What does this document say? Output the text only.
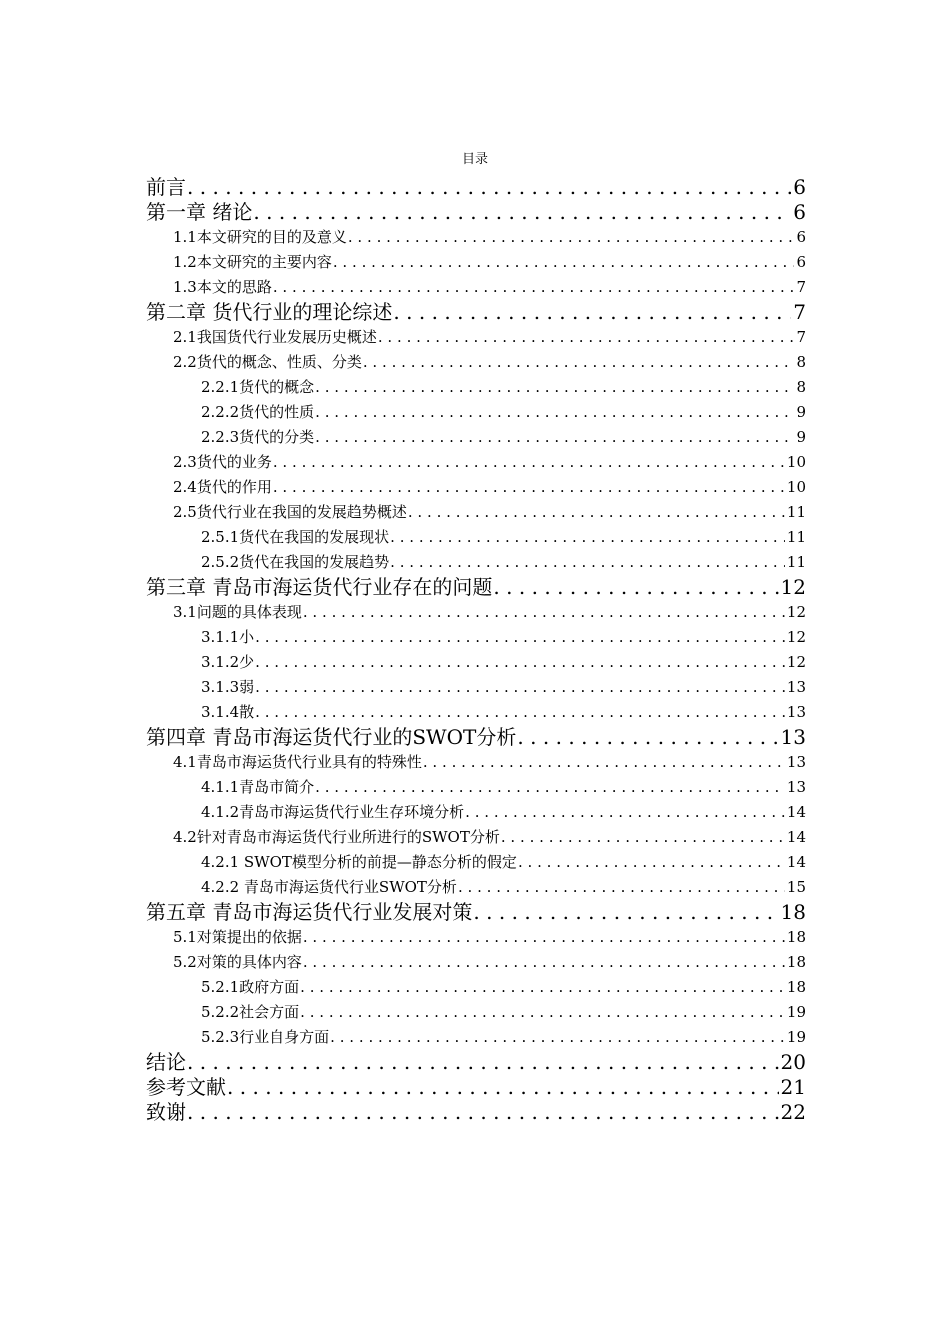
目录
前言 .....	6
第一章 绪论 .....	6
1.1本文研究的目的及意义 .....	6
1.2本文研究的主要内容 .....	6
1.3本文的思路 .....	7
第二章 货代行业的理论综述 .....	7
2.1我国货代行业发展历史概述 .....	7
2.2货代的概念、性质、分类 .....	8
2.2.1货代的概念 .....	8
2.2.2货代的性质 .....	9
2.2.3货代的分类 .....	9
2.3货代的业务 .....	10
2.4货代的作用 .....	10
2.5货代行业在我国的发展趋势概述 .....	11
2.5.1货代在我国的发展现状 .....	11
2.5.2货代在我国的发展趋势 .....	11
第三章 青岛市海运货代行业存在的问题 .....	12
3.1问题的具体表现 .....	12
3.1.1小 .....	12
3.1.2少 .....	12
3.1.3弱 .....	13
3.1.4散 .....	13
第四章 青岛市海运货代行业的SWOT分析 .....	13
4.1青岛市海运货代行业具有的特殊性 .....	13
4.1.1青岛市简介 .....	13
4.1.2青岛市海运货代行业生存环境分析 .....	14
4.2针对青岛市海运货代行业所进行的SWOT分析 .....	14
4.2.1 SWOT模型分析的前提—静态分析的假定 .....	14
4.2.2 青岛市海运货代行业SWOT分析 .....	15
第五章 青岛市海运货代行业发展对策 .....	18
5.1对策提出的依据 .....	18
5.2对策的具体内容 .....	18
5.2.1政府方面 .....	18
5.2.2社会方面 .....	19
5.2.3行业自身方面 .....	19
结论 .....	20
参考文献 .....	21
致谢 .....	22
